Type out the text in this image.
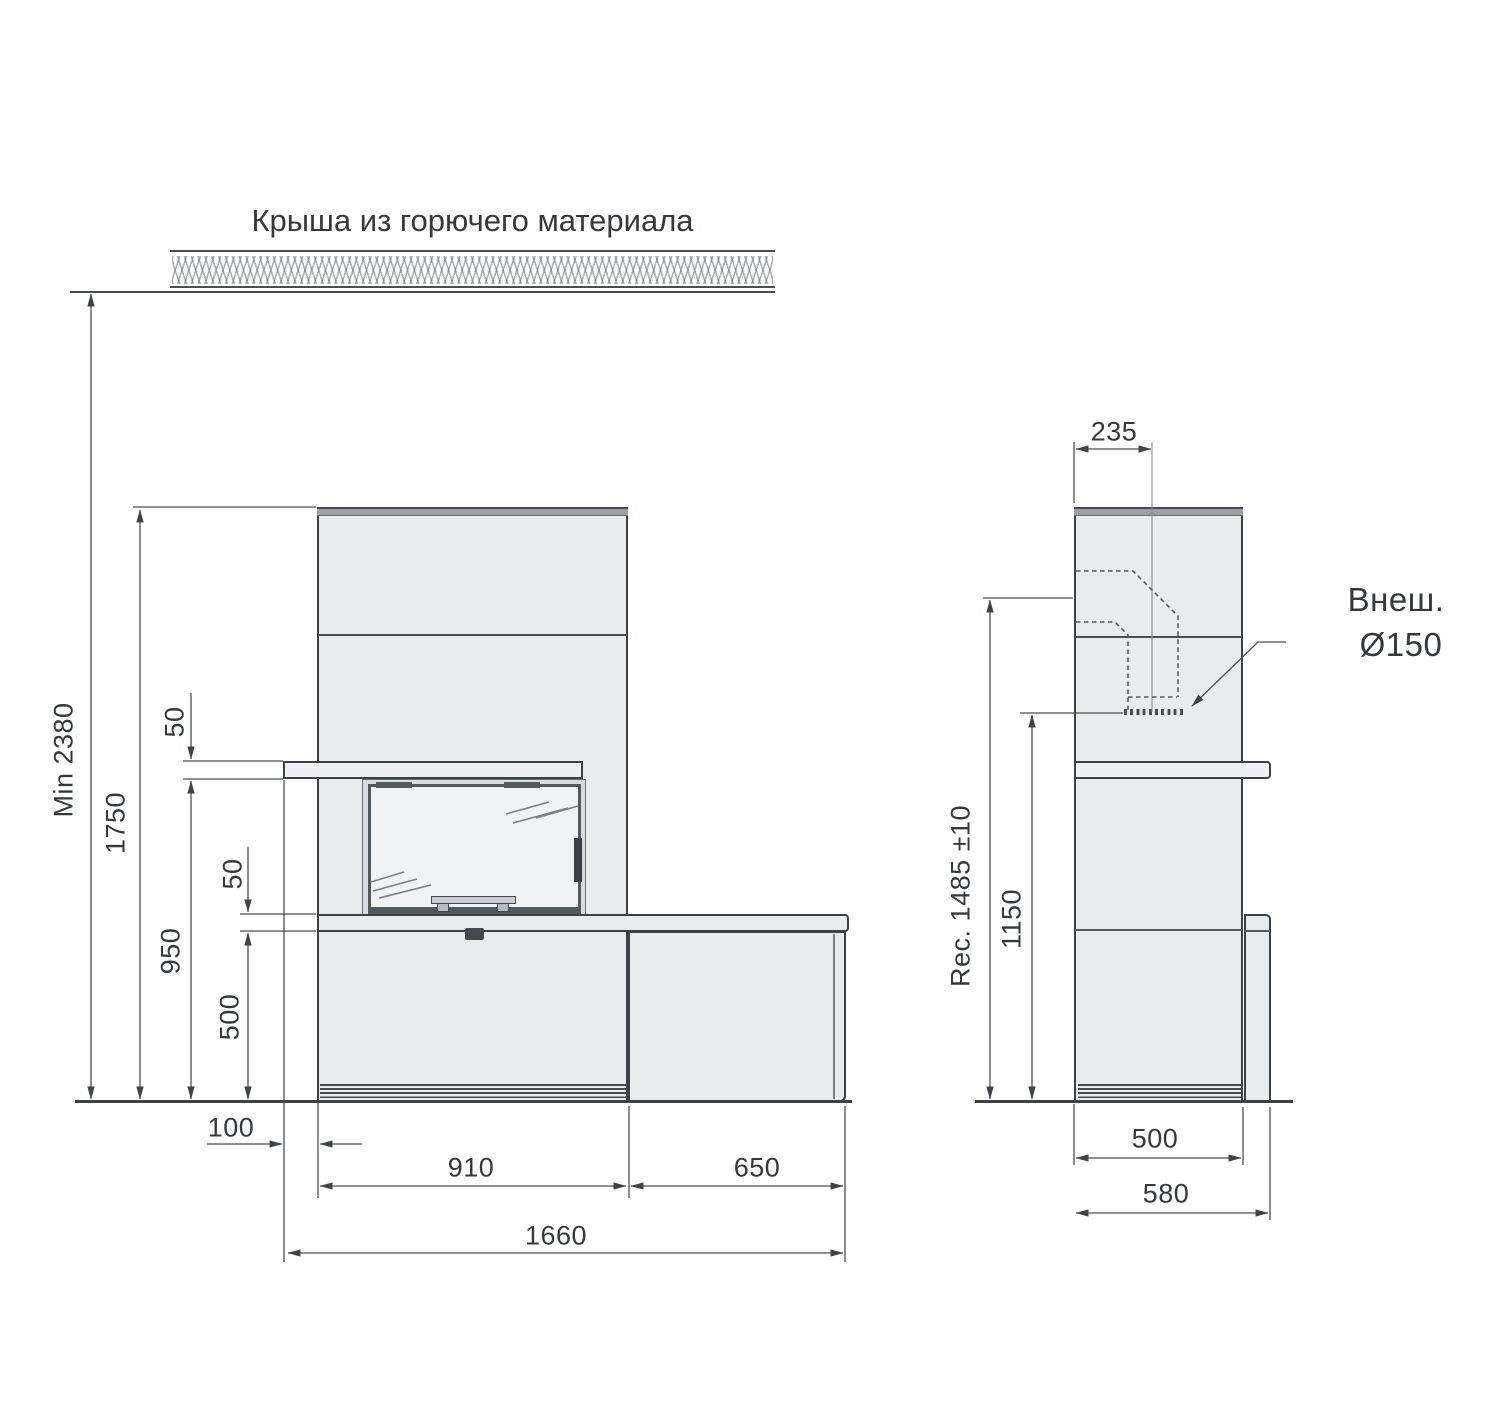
Крыша из горючего материала
Min 2380
1750
950
50
50
500
100
910	650
1660
235
Rec. 1485 ±10 1150
500
580
Внеш.
Ø150
